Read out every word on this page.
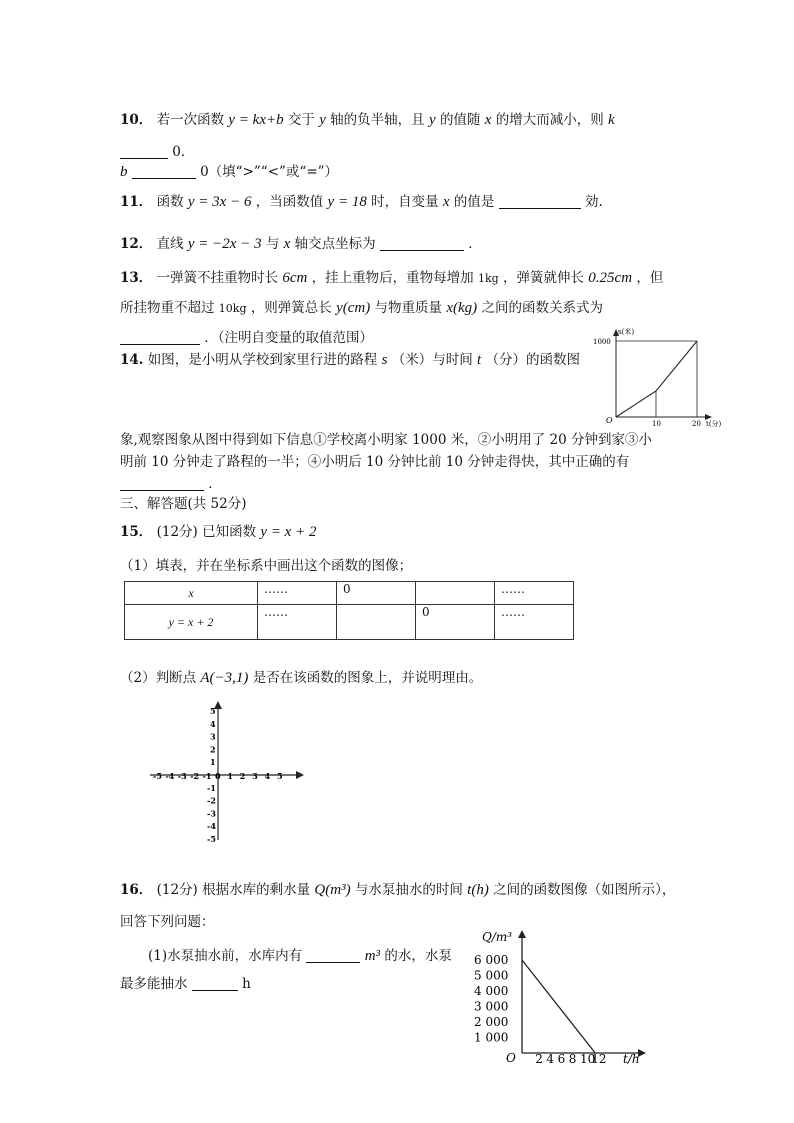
10． 若一次函数 y = kx+b 交于 y 轴的负半轴，且 y 的值随 x 的增大而减小，则 k
0．
b	0（填“>”“<”或“=”）
11． 函数 y = 3x − 6 ，当函数值 y = 18 时，自变量 x 的值是	効.
12． 直线 y = −2x − 3 与 x 轴交点坐标为	．
13． 一弹簧不挂重物时长 6cm ，挂上重物后，重物每增加 1kg ，弹簧就伸长 0.25cm ，但
所挂物重不超过 10kg ，则弹簧总长 y(cm) 与物重质量 x(kg) 之间的函数关系式为
．（注明自变量的取值范围）
14. 如图，是小明从学校到家里行进的路程 s （米）与时间 t （分）的函数图
s(米)
1000
O	10	20 t(分)
象,观察图象从图中得到如下信息①学校离小明家 1000 米，②小明用了 20 分钟到家③小
明前 10 分钟走了路程的一半；④小明后 10 分钟比前 10 分钟走得快，其中正确的有
．
三、解答题(共 52分)
15． (12分) 已知函数 y = x + 2
（1）填表，并在坐标系中画出这个函数的图像；
x	……	0		……
y = x + 2	……		0	……
（2）判断点 A(−3,1) 是否在该函数的图象上，并说明理由。
-5 -4 -3 -2 -1 0 1 2 3 4 5
5
4
3
2
1
-1
-2
-3
-4
-5
16． (12分) 根据水库的剩水量 Q(m³) 与水泵抽水的时间 t(h) 之间的函数图像（如图所示），
回答下列问题：
(1)水泵抽水前，水库内有	m³ 的水，水泵
最多能抽水	h
Q/m³
O	t/h
6 000
5 000
4 000
3 000
2 000
1 000
2 4 6 8 10
12
